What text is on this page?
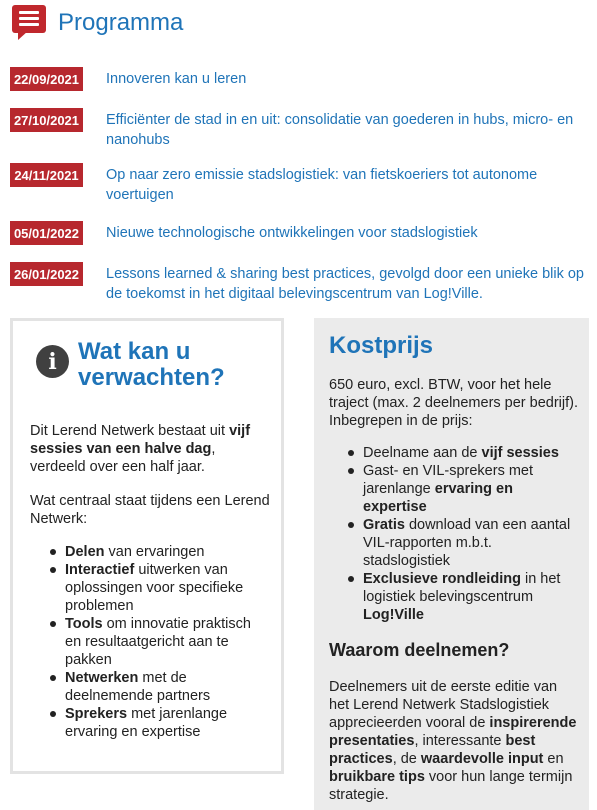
Programma
22/09/2021 Innoveren kan u leren
27/10/2021 Efficiënter de stad in en uit: consolidatie van goederen in hubs, micro- en nanohubs
24/11/2021 Op naar zero emissie stadslogistiek: van fietskoeriers tot autonome voertuigen
05/01/2022 Nieuwe technologische ontwikkelingen voor stadslogistiek
26/01/2022 Lessons learned & sharing best practices, gevolgd door een unieke blik op de toekomst in het digitaal belevingscentrum van Log!Ville.
i Wat kan u verwachten?

Dit Lerend Netwerk bestaat uit vijf sessies van een halve dag, verdeeld over een half jaar.

Wat centraal staat tijdens een Lerend Netwerk:

Delen van ervaringen
Interactief uitwerken van oplossingen voor specifieke problemen
Tools om innovatie praktisch en resultaatgericht aan te pakken
Netwerken met de deelnemende partners
Sprekers met jarenlange ervaring en expertise
Kostprijs

650 euro, excl. BTW, voor het hele traject (max. 2 deelnemers per bedrijf). Inbegrepen in de prijs:

Deelname aan de vijf sessies
Gast- en VIL-sprekers met jarenlange ervaring en expertise
Gratis download van een aantal VIL-rapporten m.b.t. stadslogistiek
Exclusieve rondleiding in het logistiek belevingscentrum Log!Ville
Waarom deelnemen?

Deelnemers uit de eerste editie van het Lerend Netwerk Stadslogistiek apprecieerden vooral de inspirerende presentaties, interessante best practices, de waardevolle input en bruikbare tips voor hun lange termijn strategie.
